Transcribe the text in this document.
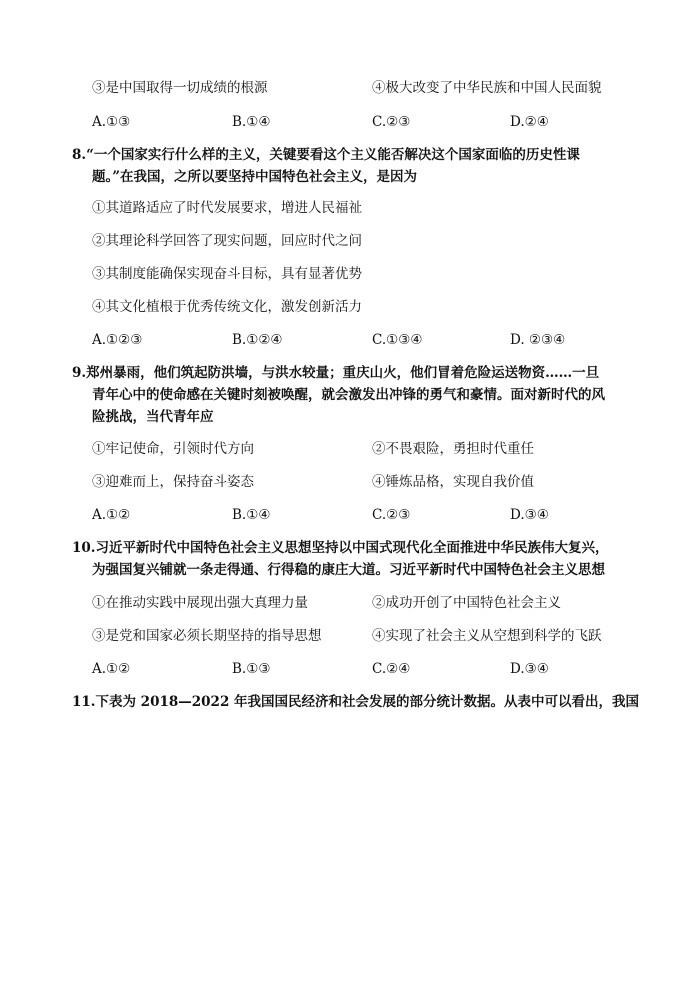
③是中国取得一切成绩的根源	④极大改变了中华民族和中国人民面貌
A.①③	B.①④	C.②③	D.②④
8.“一个国家实行什么样的主义，关键要看这个主义能否解决这个国家面临的历史性课
题。”在我国，之所以要坚持中国特色社会主义，是因为
①其道路适应了时代发展要求，增进人民福祉
②其理论科学回答了现实问题，回应时代之问
③其制度能确保实现奋斗目标，具有显著优势
④其文化植根于优秀传统文化，激发创新活力
A.①②③	B.①②④	C.①③④	D. ②③④
9.郑州暴雨，他们筑起防洪墙，与洪水较量；重庆山火，他们冒着危险运送物资……一旦
青年心中的使命感在关键时刻被唤醒，就会激发出冲锋的勇气和豪情。面对新时代的风
险挑战，当代青年应
①牢记使命，引领时代方向	②不畏艰险，勇担时代重任
③迎难而上，保持奋斗姿态	④锤炼品格，实现自我价值
A.①②	B.①④	C.②③	D.③④
10.习近平新时代中国特色社会主义思想坚持以中国式现代化全面推进中华民族伟大复兴，
为强国复兴铺就一条走得通、行得稳的康庄大道。习近平新时代中国特色社会主义思想
①在推动实践中展现出强大真理力量	②成功开创了中国特色社会主义
③是党和国家必须长期坚持的指导思想	④实现了社会主义从空想到科学的飞跃
A.①②	B.①③	C.②④	D.③④
11.下表为 2018—2022 年我国国民经济和社会发展的部分统计数据。从表中可以看出，我国
